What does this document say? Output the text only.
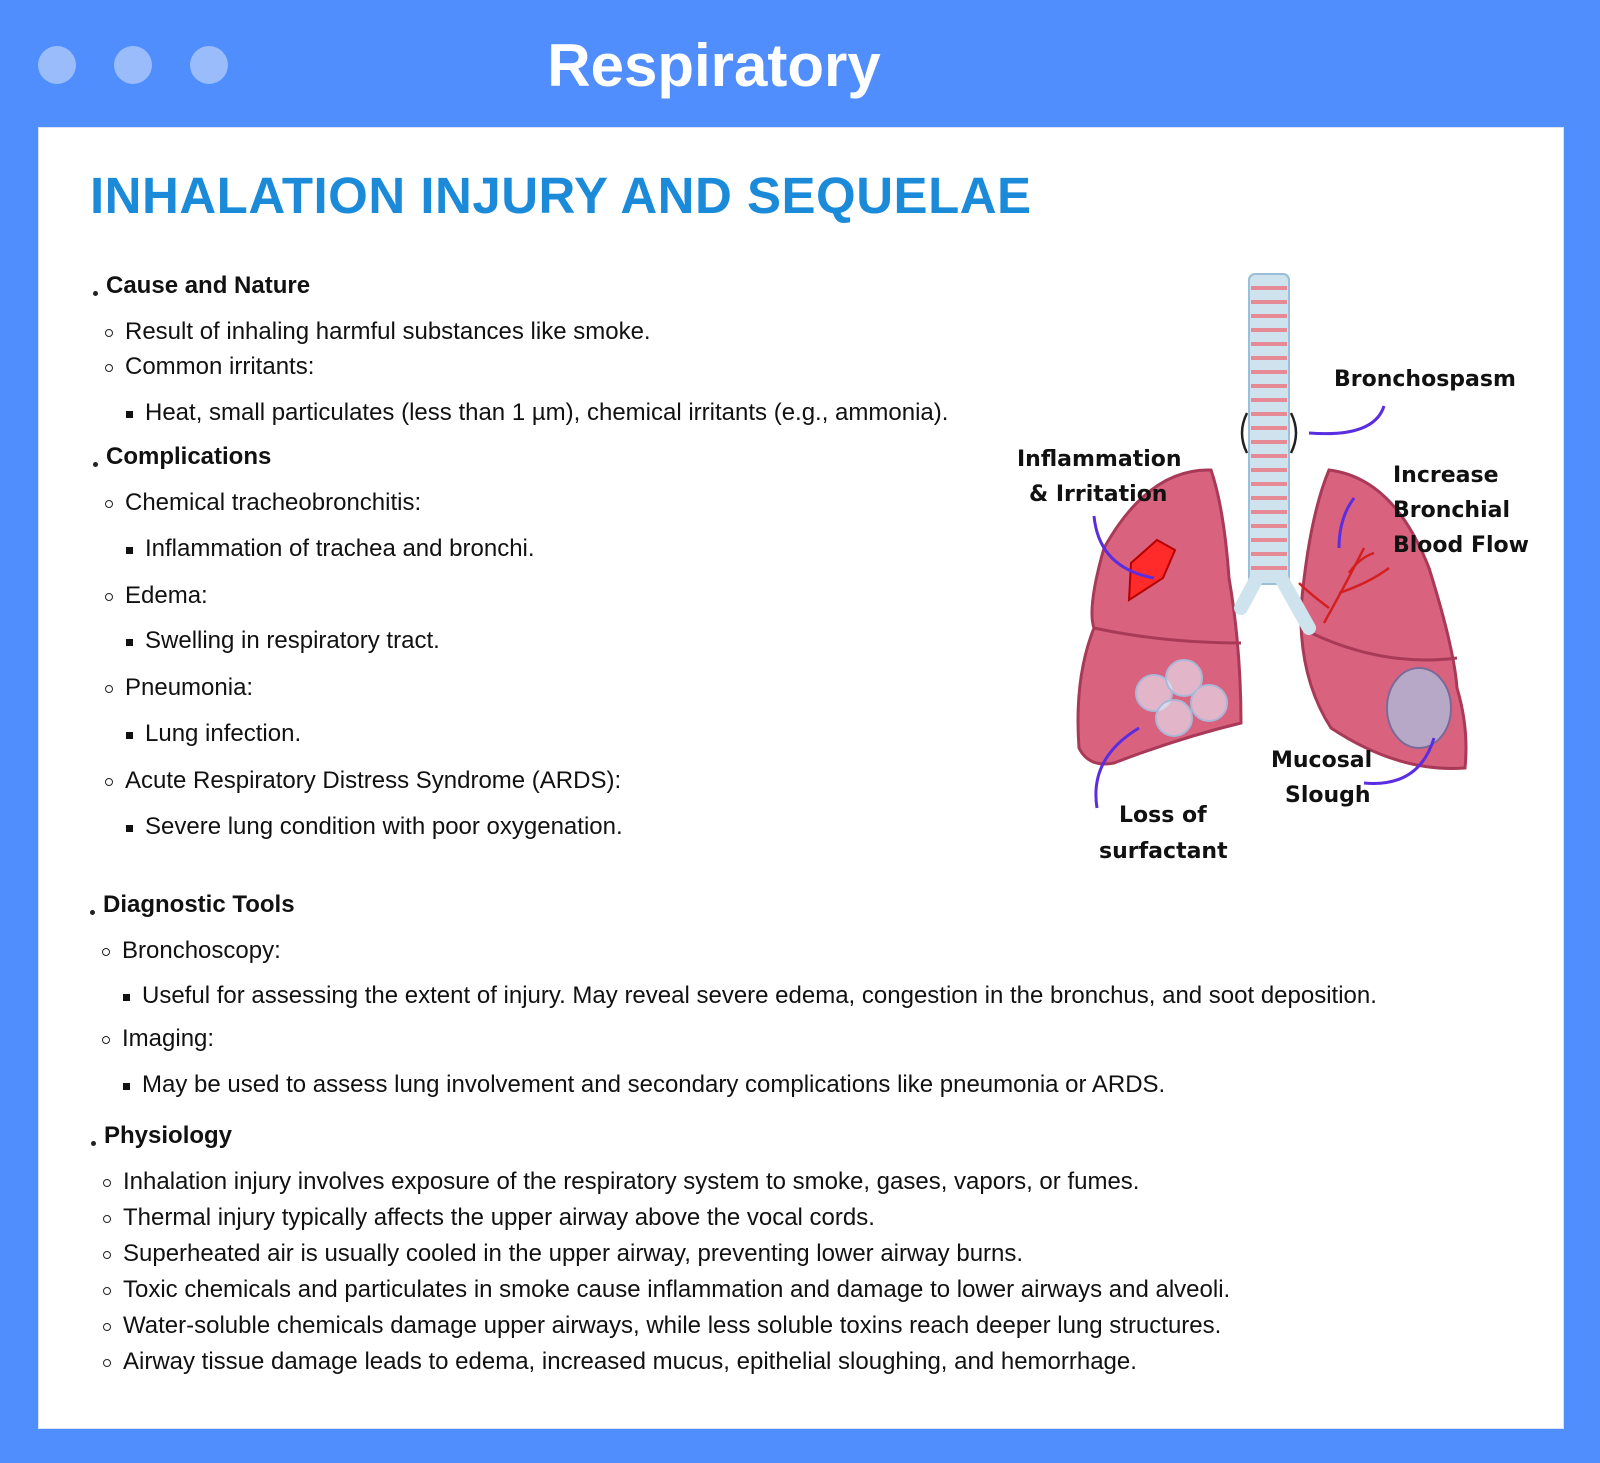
Respiratory
INHALATION INJURY AND SEQUELAE
Cause and Nature
Result of inhaling harmful substances like smoke.
Common irritants:
Heat, small particulates (less than 1 µm), chemical irritants (e.g., ammonia).
Complications
Chemical tracheobronchitis:
Inflammation of trachea and bronchi.
Edema:
Swelling in respiratory tract.
Pneumonia:
Lung infection.
Acute Respiratory Distress Syndrome (ARDS):
Severe lung condition with poor oxygenation.
Diagnostic Tools
Bronchoscopy:
Useful for assessing the extent of injury. May reveal severe edema, congestion in the bronchus, and soot deposition.
Imaging:
May be used to assess lung involvement and secondary complications like pneumonia or ARDS.
Physiology
Inhalation injury involves exposure of the respiratory system to smoke, gases, vapors, or fumes.
Thermal injury typically affects the upper airway above the vocal cords.
Superheated air is usually cooled in the upper airway, preventing lower airway burns.
Toxic chemicals and particulates in smoke cause inflammation and damage to lower airways and alveoli.
Water-soluble chemicals damage upper airways, while less soluble toxins reach deeper lung structures.
Airway tissue damage leads to edema, increased mucus, epithelial sloughing, and hemorrhage.
Bronchospasm
Inflammation
& Irritation
Increase
Bronchial
Blood Flow
Mucosal
Slough
Loss of
surfactant
